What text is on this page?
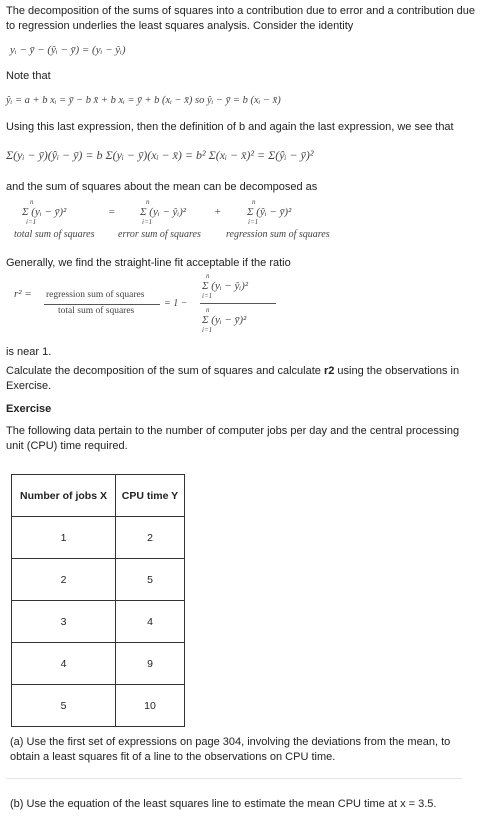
The decomposition of the sums of squares into a contribution due to error and a contribution due to regression underlies the least squares analysis. Consider the identity
yᵢ − ȳ − (ŷᵢ − ȳ) = (yᵢ − ŷᵢ)
Note that
ŷᵢ = a + b xᵢ = ȳ − b x̄ + b xᵢ = ȳ + b (xᵢ − x̄) so ŷᵢ − ȳ = b (xᵢ − x̄)
Using this last expression, then the definition of b and again the last expression, we see that
Σ(yᵢ − ȳ)(ŷᵢ − ȳ) = b Σ(yᵢ − ȳ)(xᵢ − x̄) = b² Σ(xᵢ − x̄)² = Σ(ŷᵢ − ȳ)²
and the sum of squares about the mean can be decomposed as
n
Σ (yᵢ − ȳ)²
i=1
=
n
Σ (yᵢ − ŷᵢ)²
i=1
+
n
Σ (ŷᵢ − ȳ)²
i=1
total sum of squares error sum of squares	regression sum of squares
Generally, we find the straight-line fit acceptable if the ratio
r² = regression sum of squares
total sum of squares
= 1 −
n
Σ (yᵢ − ŷᵢ)²
i=1
n
Σ (yᵢ − ȳ)²
i=1
is near 1.
Calculate the decomposition of the sum of squares and calculate r2 using the observations in Exercise.
Exercise
The following data pertain to the number of computer jobs per day and the central processing unit (CPU) time required.
Number of jobs X	CPU time Y
1	2
2	5
3	4
4	9
5	10
(a) Use the first set of expressions on page 304, involving the deviations from the mean, to obtain a least squares fit of a line to the observations on CPU time.
(b) Use the equation of the least squares line to estimate the mean CPU time at x = 3.5.
